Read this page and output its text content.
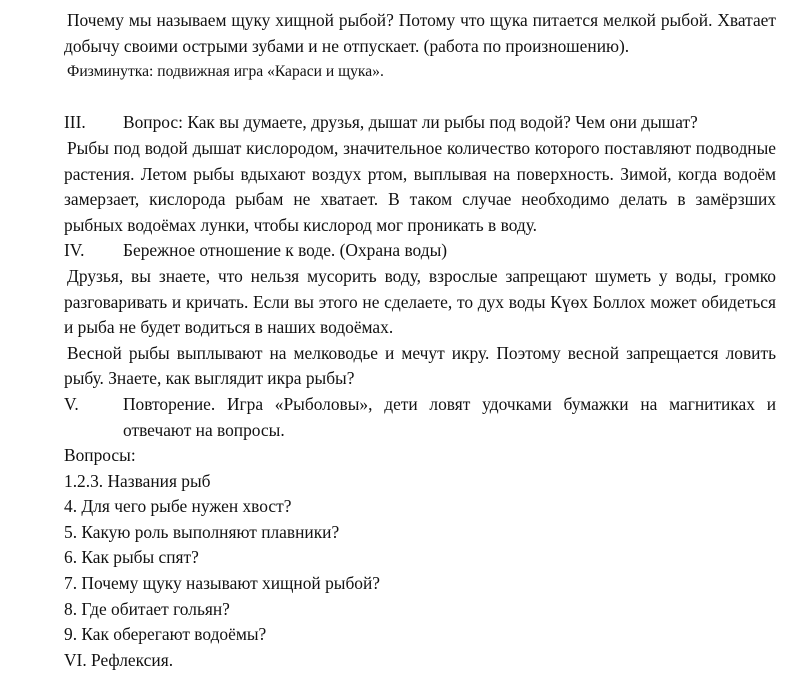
Почему мы называем щуку хищной рыбой? Потому что щука питается мелкой рыбой. Хватает добычу своими острыми зубами и не отпускает. (работа по произношению).

Физминутка: подвижная игра «Караси и щука».

III.	Вопрос: Как вы думаете, друзья, дышат ли рыбы под водой? Чем они дышат?

Рыбы под водой дышат кислородом, значительное количество которого поставляют подводные растения. Летом рыбы вдыхают воздух ртом, выплывая на поверхность. Зимой, когда водоём замерзает, кислорода рыбам не хватает. В таком случае необходимо делать в замёрзших рыбных водоёмах лунки, чтобы кислород мог проникать в воду.

IV.	Бережное отношение к воде. (Охрана воды)

Друзья, вы знаете, что нельзя мусорить воду, взрослые запрещают шуметь у воды, громко разговаривать и кричать. Если вы этого не сделаете, то дух воды Күөх Боллох может обидеться и рыба не будет водиться в наших водоёмах.

Весной рыбы выплывают на мелководье и мечут икру. Поэтому весной запрещается ловить рыбу. Знаете, как выглядит икра рыбы?

V.	Повторение. Игра «Рыболовы», дети ловят удочками бумажки на магнитиках и отвечают на вопросы.

Вопросы:

1.2.3. Названия рыб

4. Для чего рыбе нужен хвост?

5. Какую роль выполняют плавники?

6. Как рыбы спят?

7. Почему щуку называют хищной рыбой?

8. Где обитает гольян?

9. Как оберегают водоёмы?

VI. Рефлексия.
